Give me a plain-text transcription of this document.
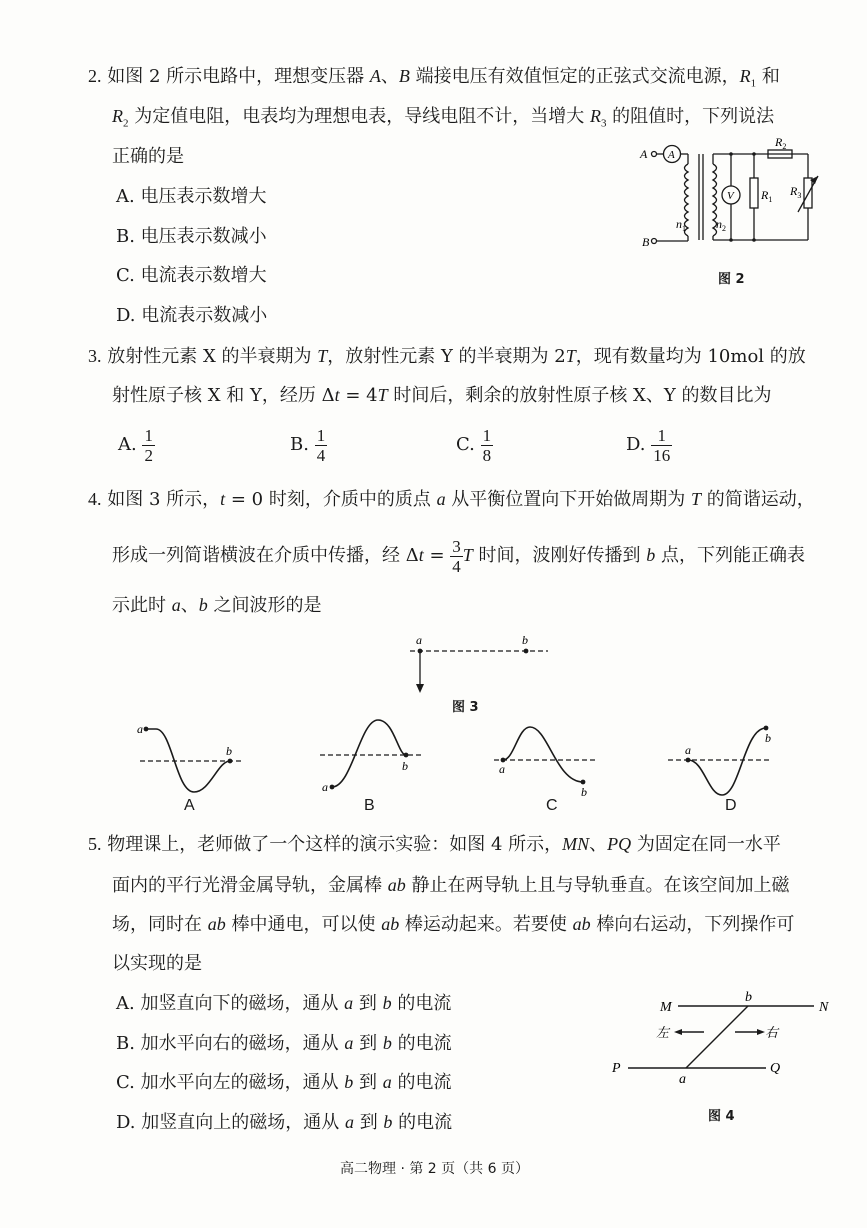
2. 如图 2 所示电路中，理想变压器 A、B 端接电压有效值恒定的正弦式交流电源，$R_1$ 和
$R_2$ 为定值电阻，电表均为理想电表，导线电阻不计，当增大 $R_3$ 的阻值时，下列说法
正确的是
A. 电压表示数增大
B. 电压表示数减小
C. 电流表示数增大
D. 电流表示数减小
A
B
A
V $R_1$
$R_2$
$R_3$
$n_1$	$n_2$
图 2
3. 放射性元素 X 的半衰期为 T，放射性元素 Y 的半衰期为 2T，现有数量均为 10mol 的放
射性原子核 X 和 Y，经历 Δt = 4T 时间后，剩余的放射性原子核 X、Y 的数目比为
A. $\frac{1}{2}$	B. $\frac{1}{4}$	C. $\frac{1}{8}$	D. $\frac{1}{16}$
4. 如图 3 所示，t = 0 时刻，介质中的质点 a 从平衡位置向下开始做周期为 T 的简谐运动，
形成一列简谐横波在介质中传播，经 $\Delta t = \frac{3}{4}$ T 时间，波刚好传播到 b 点，下列能正确表
示此时 a、b 之间波形的是
a	b
图 3
a
b
a
b	a
b
a
b
A	B	C	D
5. 物理课上，老师做了一个这样的演示实验：如图 4 所示，MN、PQ 为固定在同一水平
面内的平行光滑金属导轨，金属棒 ab 静止在两导轨上且与导轨垂直。在该空间加上磁
场，同时在 ab 棒中通电，可以使 ab 棒运动起来。若要使 ab 棒向右运动，下列操作可
以实现的是
A. 加竖直向下的磁场，通从 a 到 b 的电流
B. 加水平向右的磁场，通从 a 到 b 的电流
C. 加水平向左的磁场，通从 b 到 a 的电流
D. 加竖直向上的磁场，通从 a 到 b 的电流
M	N
P	Q
b
a
左	右
图 4
高二物理 · 第 2 页（共 6 页）
